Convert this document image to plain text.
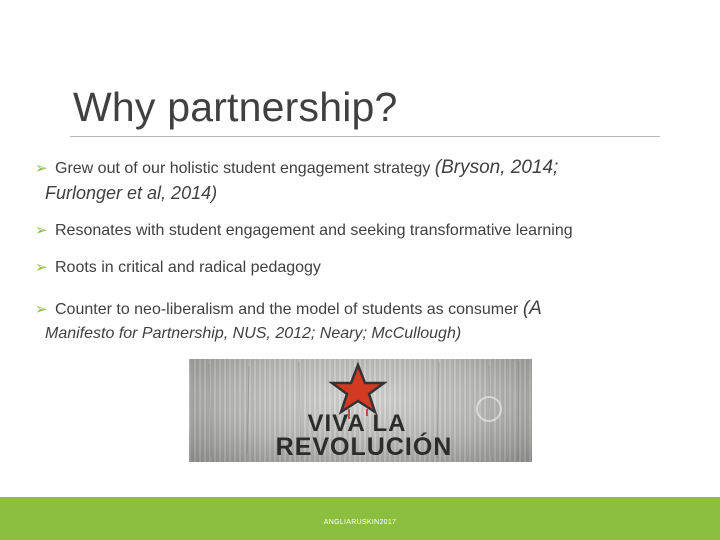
Why partnership?
➢ Grew out of our holistic student engagement strategy (Bryson, 2014;
Furlonger et al, 2014)
➢ Resonates with student engagement and seeking transformative learning
➢ Roots in critical and radical pedagogy
➢ Counter to neo-liberalism and the model of students as consumer (A
Manifesto for Partnership, NUS, 2012; Neary; McCullough)
VIVA LA
REVOLUCIÓN
ANGLIARUSKIN2017
